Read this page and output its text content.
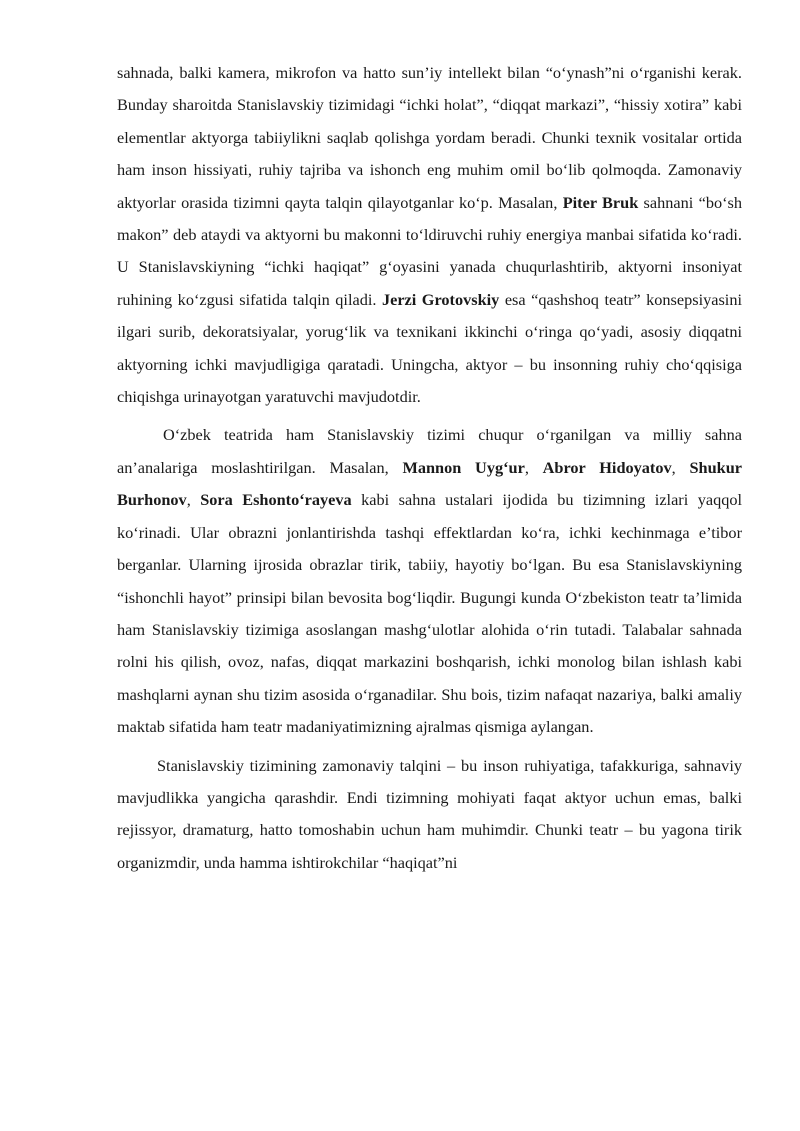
sahnada, balki kamera, mikrofon va hatto sun’iy intellekt bilan “o‘ynash”ni o‘rganishi kerak. Bunday sharoitda Stanislavskiy tizimidagi “ichki holat”, “diqqat markazi”, “hissiy xotira” kabi elementlar aktyorga tabiiylikni saqlab qolishga yordam beradi. Chunki texnik vositalar ortida ham inson hissiyati, ruhiy tajriba va ishonch eng muhim omil bo‘lib qolmoqda. Zamonaviy aktyorlar orasida tizimni qayta talqin qilayotganlar ko‘p. Masalan, Piter Bruk sahnani “bo‘sh makon” deb ataydi va aktyorni bu makonni to‘ldiruvchi ruhiy energiya manbai sifatida ko‘radi. U Stanislavskiyning “ichki haqiqat” g‘oyasini yanada chuqurlashtirib, aktyorni insoniyat ruhining ko‘zgusi sifatida talqin qiladi. Jerzi Grotovskiy esa “qashshoq teatr” konsepsiyasini ilgari surib, dekoratsiyalar, yorug‘lik va texnikani ikkinchi o‘ringa qo‘yadi, asosiy diqqatni aktyorning ichki mavjudligiga qaratadi. Uningcha, aktyor – bu insonning ruhiy cho‘qqisiga chiqishga urinayotgan yaratuvchi mavjudotdir.

O‘zbek teatrida ham Stanislavskiy tizimi chuqur o‘rganilgan va milliy sahna an’analariga moslashtirilgan. Masalan, Mannon Uyg‘ur, Abror Hidoyatov, Shukur Burhonov, Sora Eshonto‘rayeva kabi sahna ustalari ijodida bu tizimning izlari yaqqol ko‘rinadi. Ular obrazni jonlantirishda tashqi effektlardan ko‘ra, ichki kechinmaga e’tibor berganlar. Ularning ijrosida obrazlar tirik, tabiiy, hayotiy bo‘lgan. Bu esa Stanislavskiyning “ishonchli hayot” prinsipi bilan bevosita bog‘liqdir. Bugungi kunda O‘zbekiston teatr ta’limida ham Stanislavskiy tizimiga asoslangan mashg‘ulotlar alohida o‘rin tutadi. Talabalar sahnada rolni his qilish, ovoz, nafas, diqqat markazini boshqarish, ichki monolog bilan ishlash kabi mashqlarni aynan shu tizim asosida o‘rganadilar. Shu bois, tizim nafaqat nazariya, balki amaliy maktab sifatida ham teatr madaniyatimizning ajralmas qismiga aylangan.

Stanislavskiy tizimining zamonaviy talqini – bu inson ruhiyatiga, tafakkuriga, sahnaviy mavjudlikka yangicha qarashdir. Endi tizimning mohiyati faqat aktyor uchun emas, balki rejissyor, dramaturg, hatto tomoshabin uchun ham muhimdir. Chunki teatr – bu yagona tirik organizmdir, unda hamma ishtirokchilar “haqiqat”ni
